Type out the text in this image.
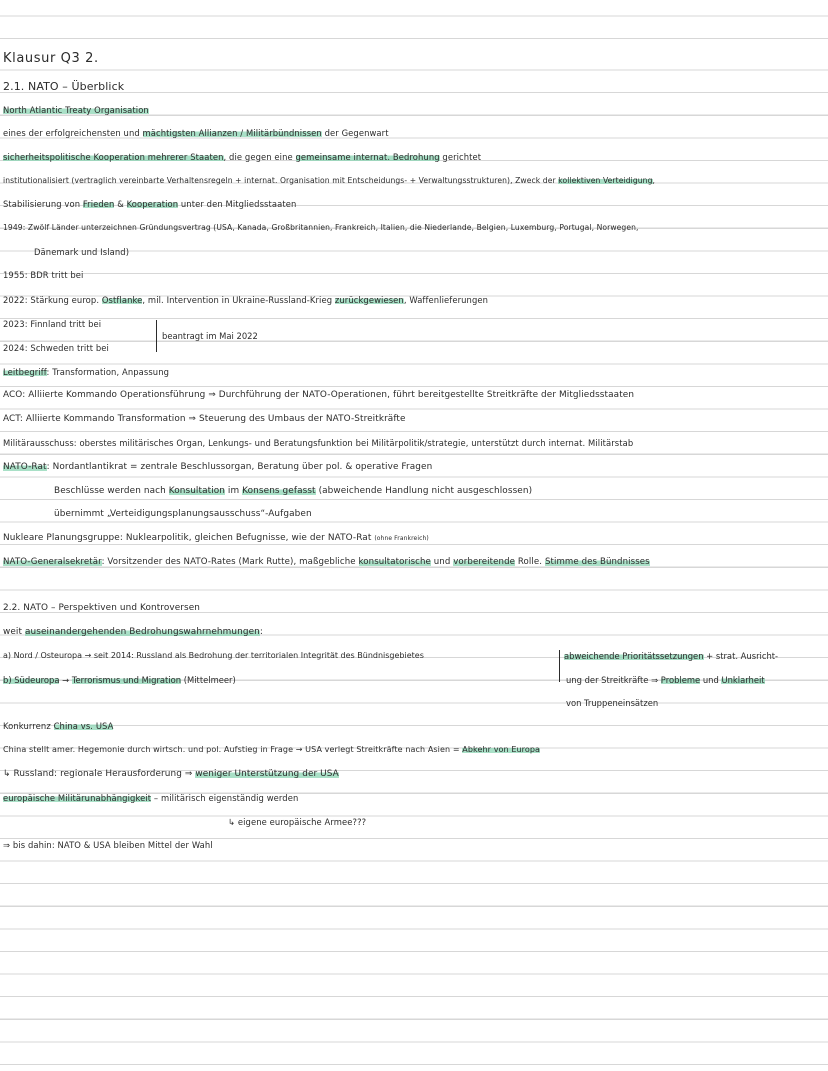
Klausur Q3 2.
2.1. NATO – Überblick
North Atlantic Treaty Organisation
eines der erfolgreichensten und mächtigsten Allianzen / Militärbündnissen der Gegenwart
sicherheitspolitische Kooperation mehrerer Staaten, die gegen eine gemeinsame internat. Bedrohung gerichtet
institutionalisiert (vertraglich vereinbarte Verhaltensregeln + internat. Organisation mit Entscheidungs- + Verwaltungsstrukturen), Zweck der kollektiven Verteidigung,
Stabilisierung von Frieden & Kooperation unter den Mitgliedsstaaten
1949: Zwölf Länder unterzeichnen Gründungsvertrag (USA, Kanada, Großbritannien, Frankreich, Italien, die Niederlande, Belgien, Luxemburg, Portugal, Norwegen,
Dänemark und Island)
1955: BDR tritt bei
2022: Stärkung europ. Ostflanke, mil. Intervention in Ukraine-Russland-Krieg zurückgewiesen, Waffenlieferungen
2023: Finnland tritt bei
2024: Schweden tritt bei
beantragt im Mai 2022
Leitbegriff: Transformation, Anpassung
ACO: Alliierte Kommando Operationsführung ⇒ Durchführung der NATO-Operationen, führt bereitgestellte Streitkräfte der Mitgliedsstaaten
ACT: Alliierte Kommando Transformation ⇒ Steuerung des Umbaus der NATO-Streitkräfte
Militärausschuss: oberstes militärisches Organ, Lenkungs- und Beratungsfunktion bei Militärpolitik/strategie, unterstützt durch internat. Militärstab
NATO-Rat: Nordantlantikrat = zentrale Beschlussorgan, Beratung über pol. & operative Fragen
Beschlüsse werden nach Konsultation im Konsens gefasst (abweichende Handlung nicht ausgeschlossen)
übernimmt „Verteidigungsplanungsausschuss“-Aufgaben
Nukleare Planungsgruppe: Nuklearpolitik, gleichen Befugnisse, wie der NATO-Rat (ohne Frankreich)
NATO-Generalsekretär: Vorsitzender des NATO-Rates (Mark Rutte), maßgebliche konsultatorische und vorbereitende Rolle. Stimme des Bündnisses
2.2. NATO – Perspektiven und Kontroversen
weit auseinandergehenden Bedrohungswahrnehmungen:
a) Nord / Osteuropa → seit 2014: Russland als Bedrohung der territorialen Integrität des Bündnisgebietes
b) Südeuropa → Terrorismus und Migration (Mittelmeer)
abweichende Prioritätssetzungen + strat. Ausricht-
ung der Streitkräfte ⇒ Probleme und Unklarheit
von Truppeneinsätzen
Konkurrenz China vs. USA
China stellt amer. Hegemonie durch wirtsch. und pol. Aufstieg in Frage → USA verlegt Streitkräfte nach Asien = Abkehr von Europa
↳ Russland: regionale Herausforderung ⇒ weniger Unterstützung der USA
europäische Militärunabhängigkeit – militärisch eigenständig werden
↳ eigene europäische Armee???
⇒ bis dahin: NATO & USA bleiben Mittel der Wahl
